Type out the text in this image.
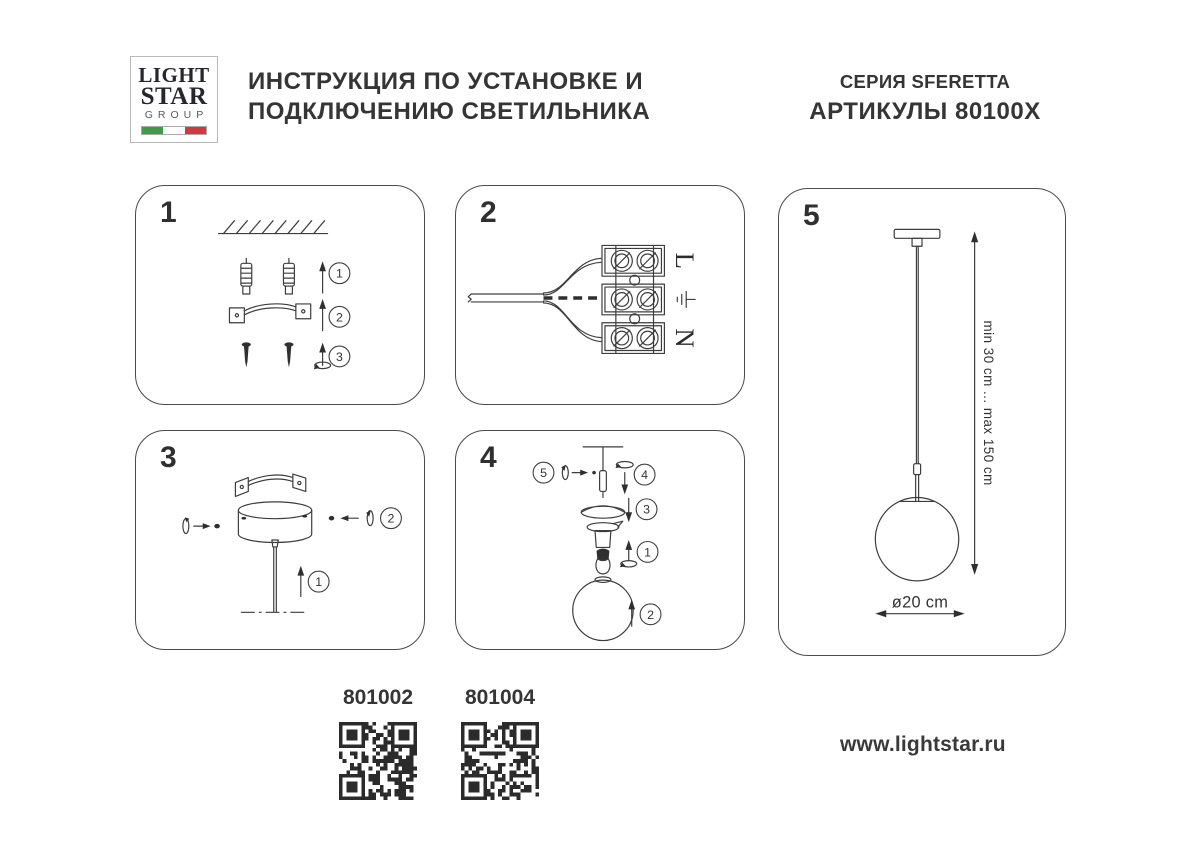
LIGHT
STAR
GROUP
ИНСТРУКЦИЯ ПО УСТАНОВКЕ И
ПОДКЛЮЧЕНИЮ СВЕТИЛЬНИКА
СЕРИЯ SFERETTA
АРТИКУЛЫ 80100X
1
1
2
3
2
L
N
3
2
1
4	5	4
3
1
2
5
min 30 cm ... max 150 cm
ø20 cm
801002	801004
www.lightstar.ru
